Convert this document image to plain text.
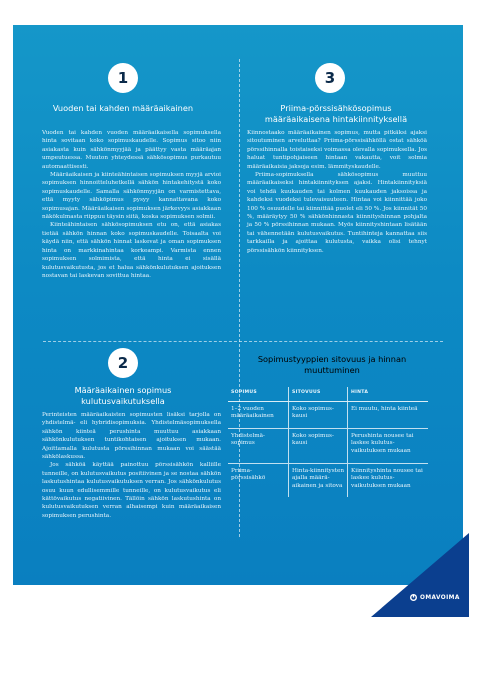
1
Vuoden tai kahden määräaikainen

Vuoden tai kahden vuoden määräaikaisella sopimuksella hinta sovitaan koko sopimuskaudelle. Sopimus sitoo niin asiakasta kuin sähkönmyyjää ja päättyy vasta määräajan umpeutuessa. Muuton yhteydessä sähkösopimus purkautuu automaattisesti.

Määräaikaisen ja kiinteähintaisen sopimuksen myyjä arvioi sopimuksen hinnoitteluhetkellä sähkön hintakehitystä koko sopimuskaudelle. Samalla sähkönmyyjän on varmistettava, että myyty sähköpimus pysyy kannattavana koko sopimusajan. Määräaikaisen sopimuksen järkevyys asiakkaan näkökulmasta riippuu täysin siitä, koska sopimuksen solmii.

Kiinteähintaisen sähkösopimuksen etu on, että asiakas tietää sähkön hinnan koko sopimuskaudelle. Toisaalta voi käydä niin, että sähkön hinnat laskevat ja oman sopimuksen hinta on markkinahintaa korkeampi. Varmista ennen sopimuksen solmimista, että hinta ei sisällä kulutusvaikutusta, jos et halua sähkönkulutuksen ajoituksen nostavan tai laskevan sovittua hintaa.

3
Priima-pörssisähkösopimus määräaikaisena hintakiinnityksellä

Kiinnostaako määräaikainen sopimus, mutta pitkäksi ajaksi sitoutuminen arveluttaa? Priima-pörssisähköllä ostat sähköä pörssihinnalla toistaiseksi voimassa olevalla sopimuksella. Jos haluat tuntipohjaiseen hintaan vakautta, voit solmia määräaikaisia jaksoja esim. lämmityskaudelle.

Priima-sopimuksella sähkösopimus muuttuu määräaikaiseksi hintakiinnityksen ajaksi. Hintakiinnityksiä voi tehdä kuukauden tai kolmen kuukauden jaksoissa ja kahdeksi vuodeksi tulevaisuuteen. Hintaa voi kiinnittää joko 100 % osuudelle tai kiinnittää puolet eli 50 %. Jos kiinnität 50 %, määräytyy 50 % sähkönhinnasta kiinnityshinnan pohjalta ja 50 % pörssihinnan mukaan. Myös kiinnityshintaan lisätään tai vähennetään kulutusvaikutus. Tuntihinteja kannattaa siis tarkkailla ja ajoittaa kulutusta, vaikka olisi tehnyt pörssisähkön kiinnityksen.

2
Määräaikainen sopimus kulutusvaikutuksella

Perinteisten määräaikaisten sopimusten lisäksi tarjolla on yhdistelmä- eli hybridisopimuksia. Yhdistelmäsopimuksella sähkön kiinteä perushinta muuttuu asiakkaan sähkönkulutuksen tuntikohtaisen ajoituksen mukaan. Ajoittamalla kulutusta pörssihinnan mukaan voi säästää sähkölaskussa.

Jos sähköä käyttää painottuu pörssisähkön kalliille tunneille, on kulutusvaikutus positiivinen ja se nostaa sähkön laskutushintaa kulutusvaikutuksen verran. Jos sähkönkulutus osuu kuun edullisemmille tunneille, on kulutusvaikutus eli kättövaikutus negatiivinen. Tällöin sähkön laskutushinta on kulutusvaikutuksen verran alhaisempi kuin määräaikaisen sopimuksen perushinta.

Sopimustyyppien sitovuus ja hinnan muuttuminen
SOPIMUS	SITOVUUS	HINTA
1–2 vuoden määräaikainen	Koko sopimus-kausi	Ei muutu, hinta kiinteä
Yhdistelmä-sopimus	Koko sopimus-kausi	Perushinta nousee tai laskee kulutus-vaikutuksen mukaan
Priima-pörssisähkö	Hinta-kiinnitysten ajalla määrä-aikainen ja sitova	Kiinnityshinta nousee tai laskee kulutus-vaikutuksen mukaan
OMAVOIMA
